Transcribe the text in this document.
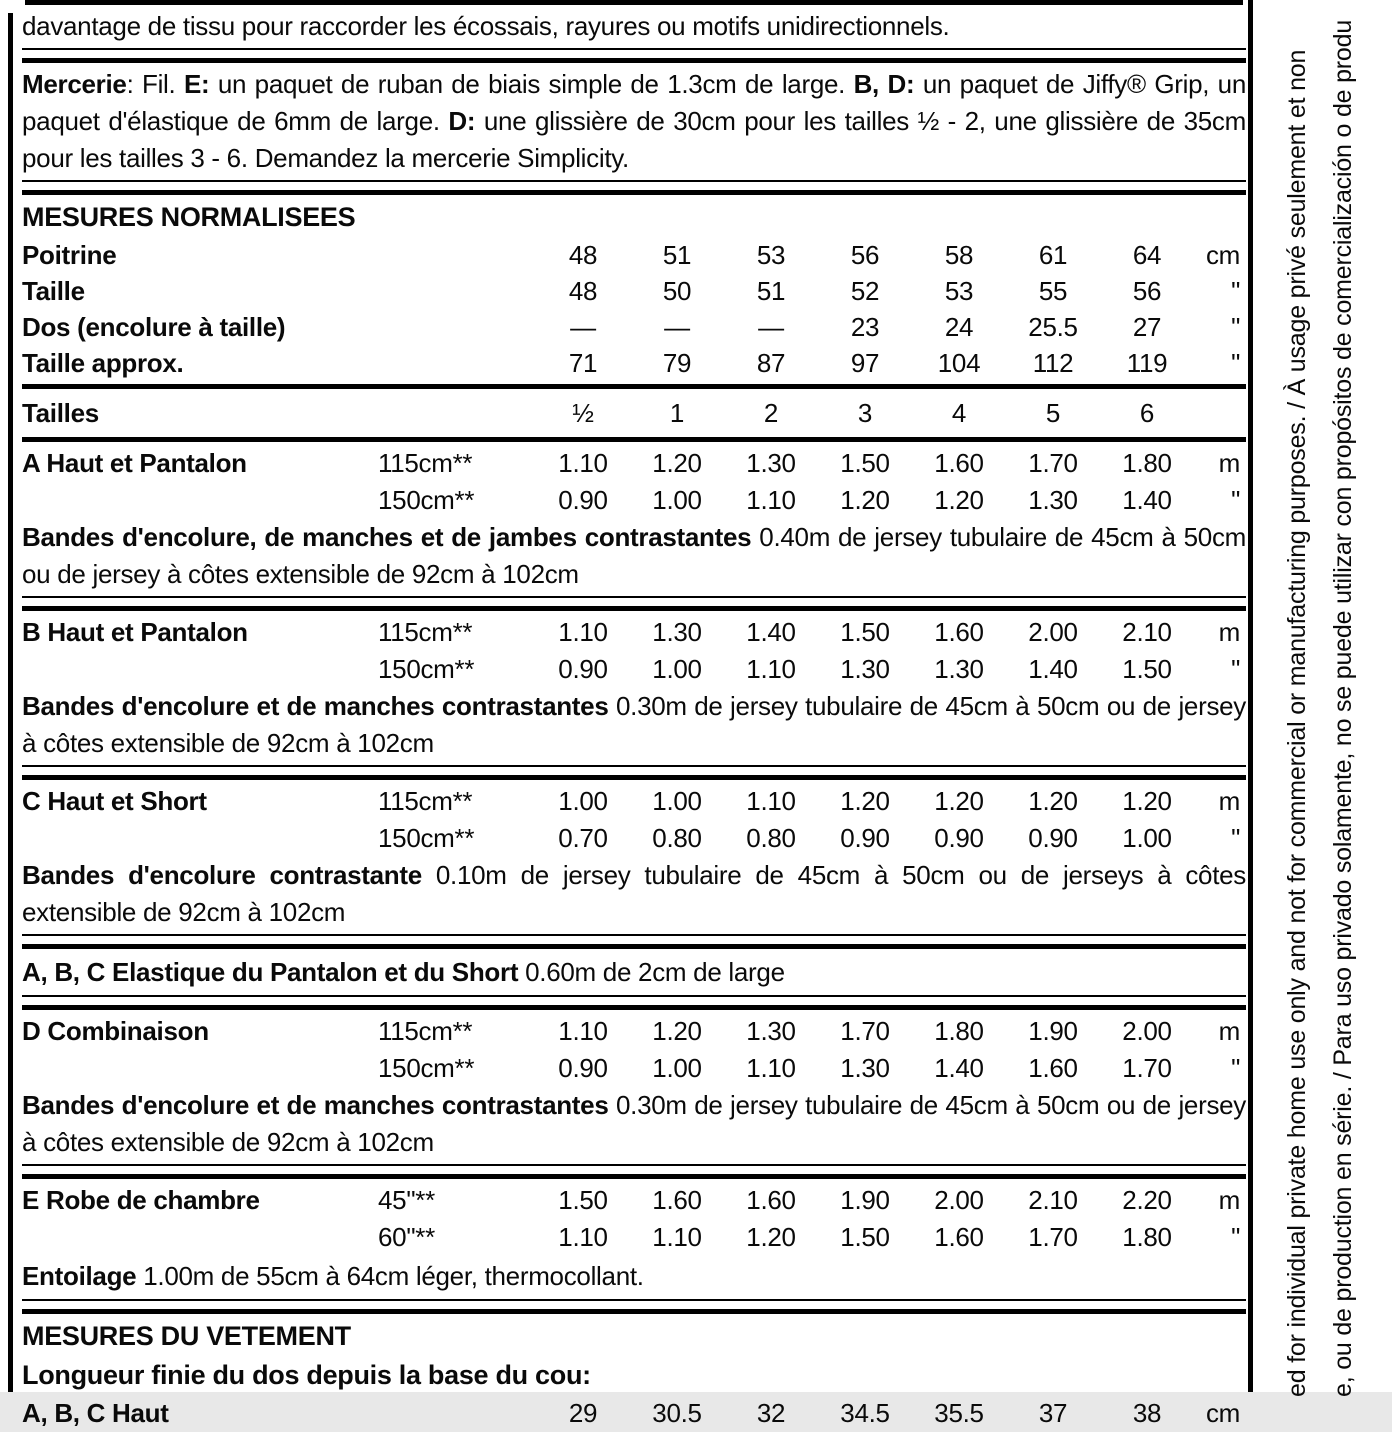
davantage de tissu pour raccorder les écossais, rayures ou motifs unidirectionnels.

Mercerie: Fil. E: un paquet de ruban de biais simple de 1.3cm de large. B, D: un paquet de Jiffy® Grip, un paquet d'élastique de 6mm de large. D: une glissière de 30cm pour les tailles ½ - 2, une glissière de 35cm pour les tailles 3 - 6. Demandez la mercerie Simplicity.

MESURES NORMALISEES
Poitrine	48	51	53	56	58	61	64	cm
Taille	48	50	51	52	53	55	56	"
Dos (encolure à taille)	—	—	—	23	24	25.5	27	"
Taille approx.	71	79	87	97	104	112	119	"
Tailles	½	1	2	3	4	5	6
A Haut et Pantalon	115cm**	1.10	1.20	1.30	1.50	1.60	1.70	1.80	m
150cm**	0.90	1.00	1.10	1.20	1.20	1.30	1.40	"

Bandes d'encolure, de manches et de jambes contrastantes 0.40m de jersey tubulaire de 45cm à 50cm ou de jersey à côtes extensible de 92cm à 102cm

B Haut et Pantalon	115cm**	1.10	1.30	1.40	1.50	1.60	2.00	2.10	m
150cm**	0.90	1.00	1.10	1.30	1.30	1.40	1.50	"

Bandes d'encolure et de manches contrastantes 0.30m de jersey tubulaire de 45cm à 50cm ou de jersey à côtes extensible de 92cm à 102cm

C Haut et Short	115cm**	1.00	1.00	1.10	1.20	1.20	1.20	1.20	m
150cm**	0.70	0.80	0.80	0.90	0.90	0.90	1.00	"

Bandes d'encolure contrastante 0.10m de jersey tubulaire de 45cm à 50cm ou de jerseys à côtes extensible de 92cm à 102cm

A, B, C Elastique du Pantalon et du Short 0.60m de 2cm de large

D Combinaison	115cm**	1.10	1.20	1.30	1.70	1.80	1.90	2.00	m
150cm**	0.90	1.00	1.10	1.30	1.40	1.60	1.70	"

Bandes d'encolure et de manches contrastantes 0.30m de jersey tubulaire de 45cm à 50cm ou de jersey à côtes extensible de 92cm à 102cm

E Robe de chambre	45"**	1.50	1.60	1.60	1.90	2.00	2.10	2.20	m
60"**	1.10	1.10	1.20	1.50	1.60	1.70	1.80	"

Entoilage 1.00m de 55cm à 64cm léger, thermocollant.

MESURES DU VETEMENT
Longueur finie du dos depuis la base du cou:
A, B, C Haut	29	30.5	32	34.5	35.5	37	38	cm
ed for individual private home use only and not for commercial or manufacturing purposes. / À usage privé seulement et non e, ou de production en série. / Para uso privado solamente, no se puede utilizar con propósitos de comercialización o de produ
